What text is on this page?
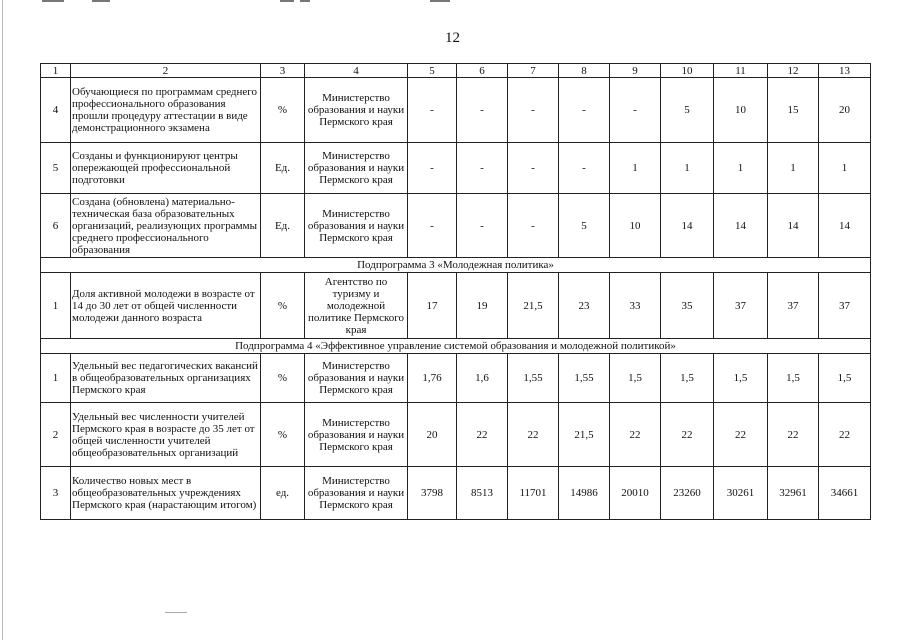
12
1	2	3	4	5	6	7	8	9	10	11	12	13
4	Обучающиеся по программам среднего профессионального образования прошли процедуру аттестации в виде демонстрационного экзамена	%	Министерство образования и науки Пермского края	-	-	-	-	-	5	10	15	20
5	Созданы и функционируют центры опережающей профессиональной подготовки	Ед.	Министерство образования и науки Пермского края	-	-	-	-	1	1	1	1	1
6	Создана (обновлена) материально-техническая база образовательных организаций, реализующих программы среднего профессионального образования	Ед.	Министерство образования и науки Пермского края	-	-	-	5	10	14	14	14	14
Подпрограмма 3 «Молодежная политика»												
1	Доля активной молодежи в возрасте от 14 до 30 лет от общей численности молодежи данного возраста	%	Агентство по туризму и молодежной политике Пермского края	17	19	21,5	23	33	35	37	37	37
Подпрограмма 4 «Эффективное управление системой образования и молодежной политикой»												
1	Удельный вес педагогических вакансий в общеобразовательных организациях Пермского края	%	Министерство образования и науки Пермского края	1,76	1,6	1,55	1,55	1,5	1,5	1,5	1,5	1,5
2	Удельный вес численности учителей Пермского края в возрасте до 35 лет от общей численности учителей общеобразовательных организаций	%	Министерство образования и науки Пермского края	20	22	22	21,5	22	22	22	22	22
3	Количество новых мест в общеобразовательных учреждениях Пермского края (нарастающим итогом)	ед.	Министерство образования и науки Пермского края	3798	8513	11701	14986	20010	23260	30261	32961	34661
